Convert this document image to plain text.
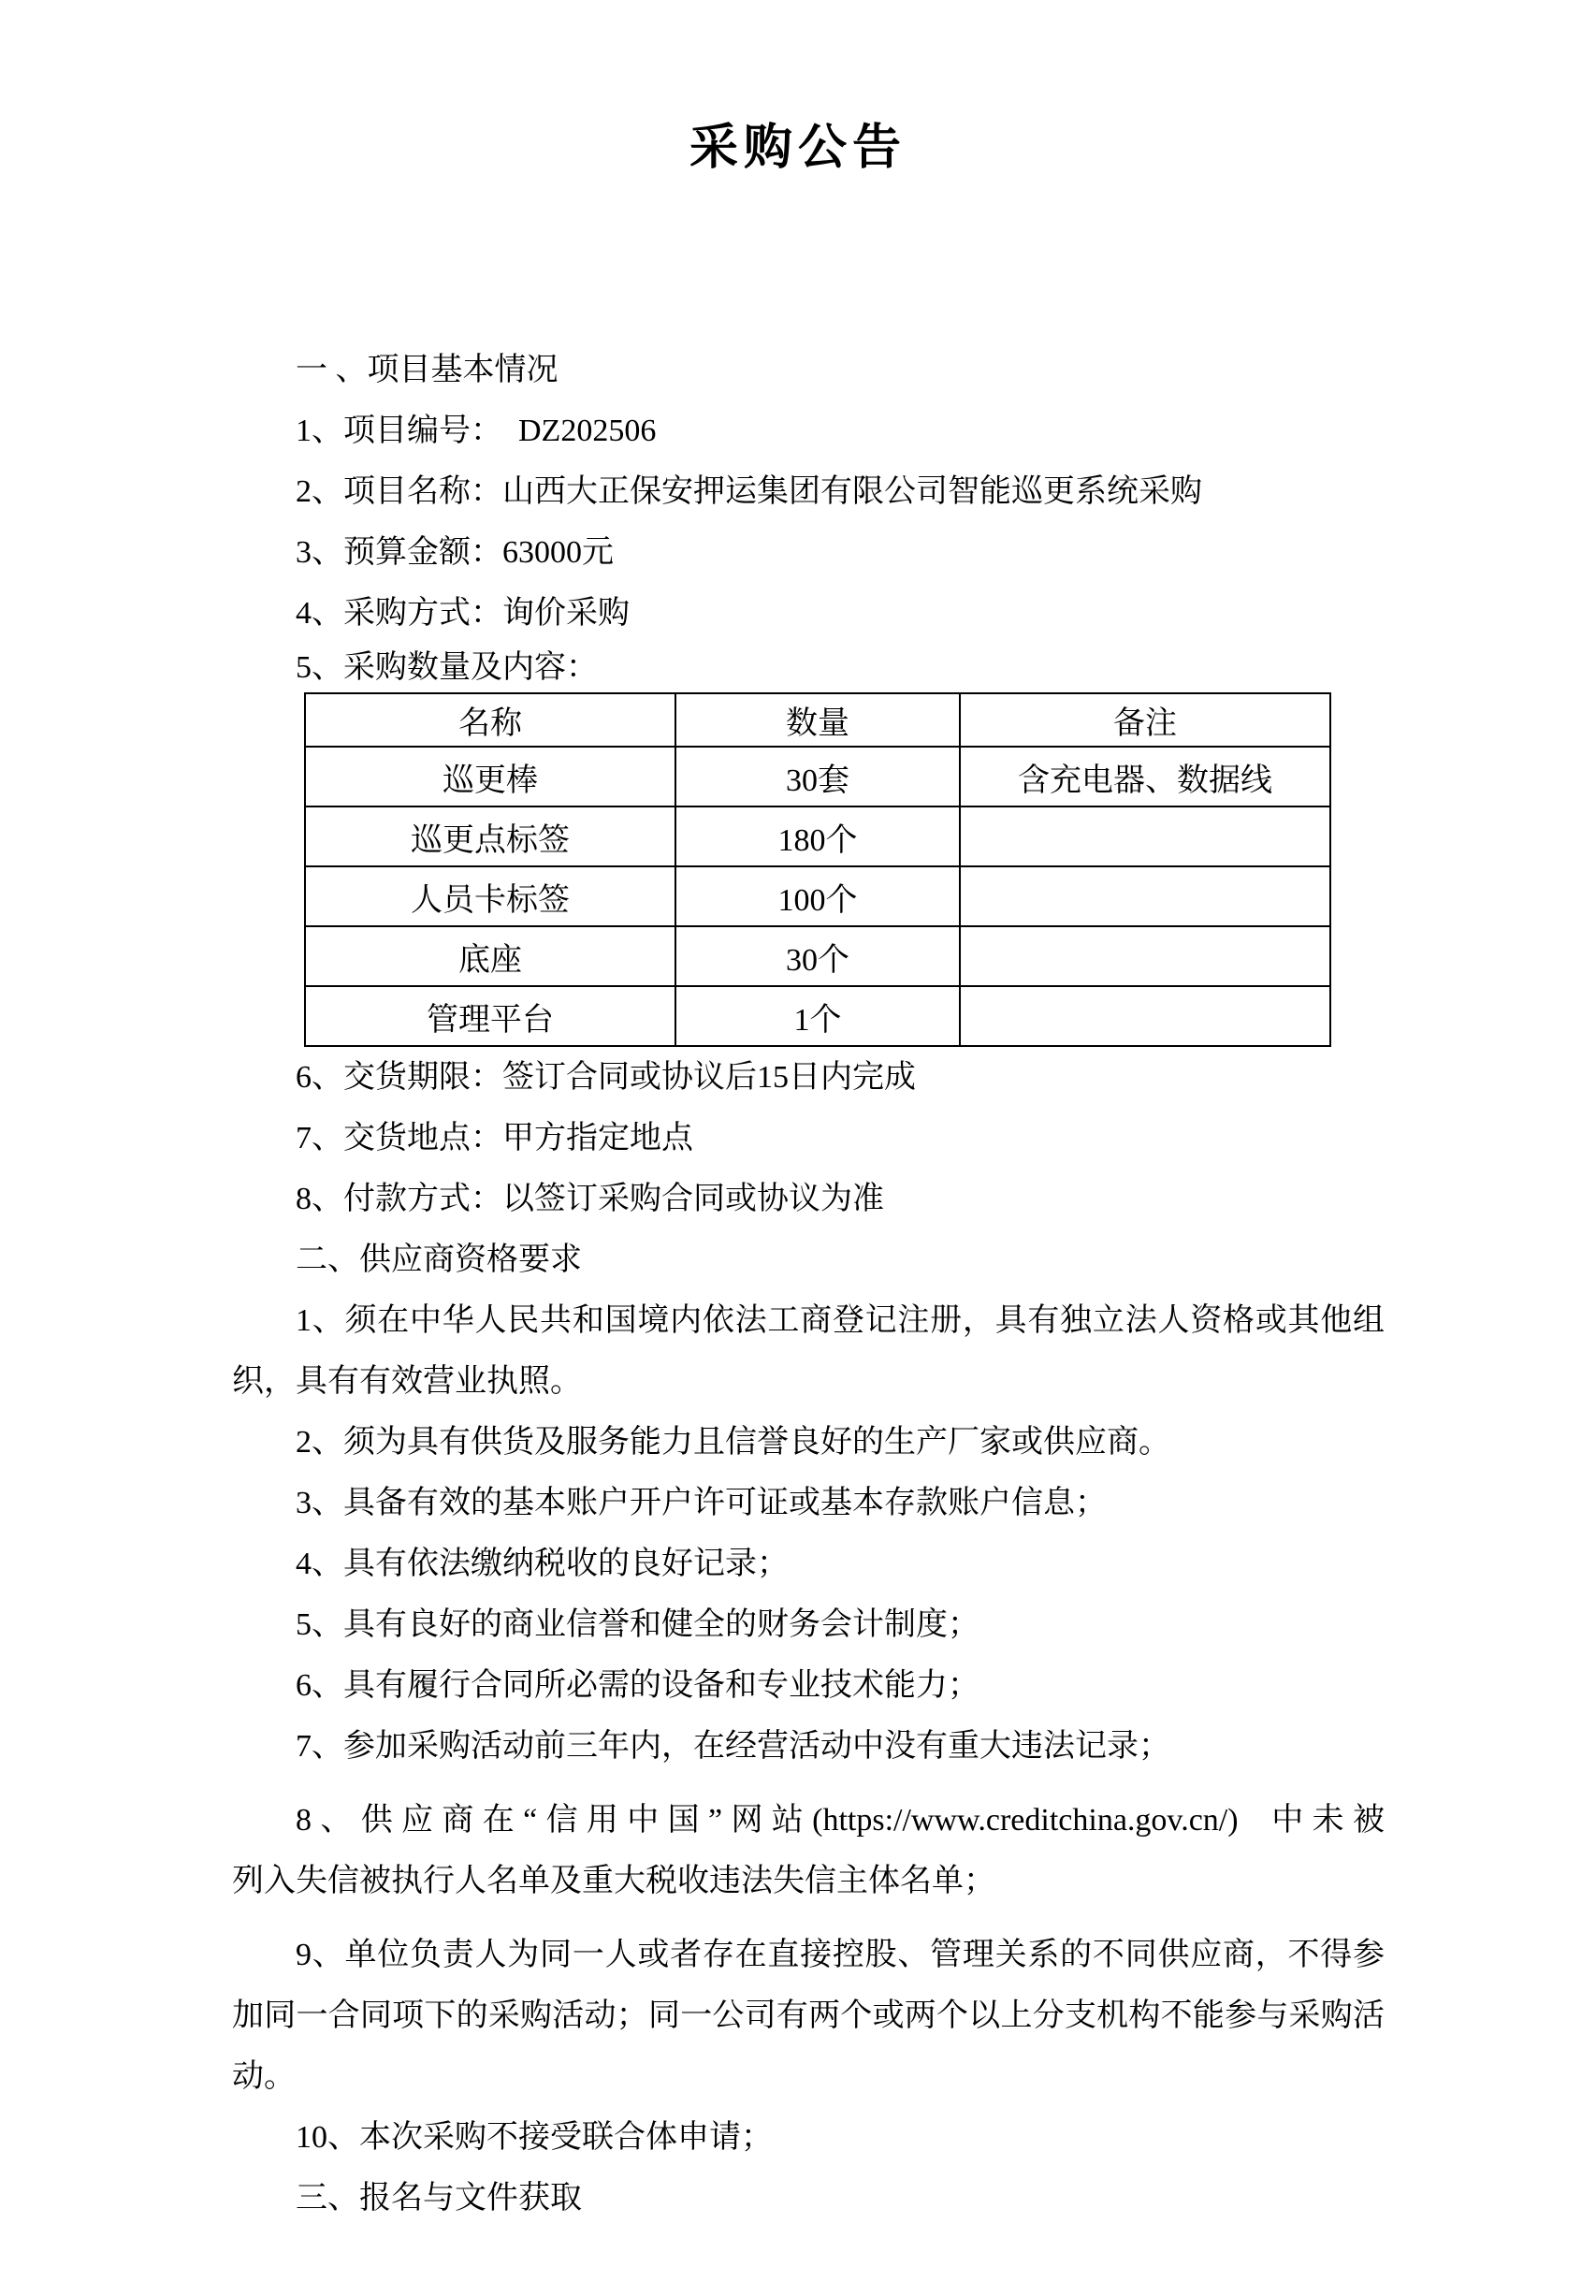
采购公告

一 、项目基本情况

1、项目编号：  DZ202506

2、项目名称：山西大正保安押运集团有限公司智能巡更系统采购

3、预算金额：63000元

4、采购方式：询价采购

5、采购数量及内容：

名称	数量	备注
巡更棒	30套	含充电器、数据线
巡更点标签	180个	
人员卡标签	100个	
底座	30个	
管理平台	1个	

6、交货期限：签订合同或协议后15日内完成

7、交货地点：甲方指定地点

8、付款方式：以签订采购合同或协议为准

二、供应商资格要求

1、须在中华人民共和国境内依法工商登记注册，具有独立法人资格或其他组

织，具有有效营业执照。

2、须为具有供货及服务能力且信誉良好的生产厂家或供应商。

3、具备有效的基本账户开户许可证或基本存款账户信息；

4、具有依法缴纳税收的良好记录；

5、具有良好的商业信誉和健全的财务会计制度；

6、具有履行合同所必需的设备和专业技术能力；

7、参加采购活动前三年内，在经营活动中没有重大违法记录；

8、供应商在“信用中国”网站(https://www.creditchina.gov.cn/)  中未被

列入失信被执行人名单及重大税收违法失信主体名单；

9、单位负责人为同一人或者存在直接控股、管理关系的不同供应商，不得参

加同一合同项下的采购活动；同一公司有两个或两个以上分支机构不能参与采购活

动。

10、本次采购不接受联合体申请；

三、报名与文件获取
